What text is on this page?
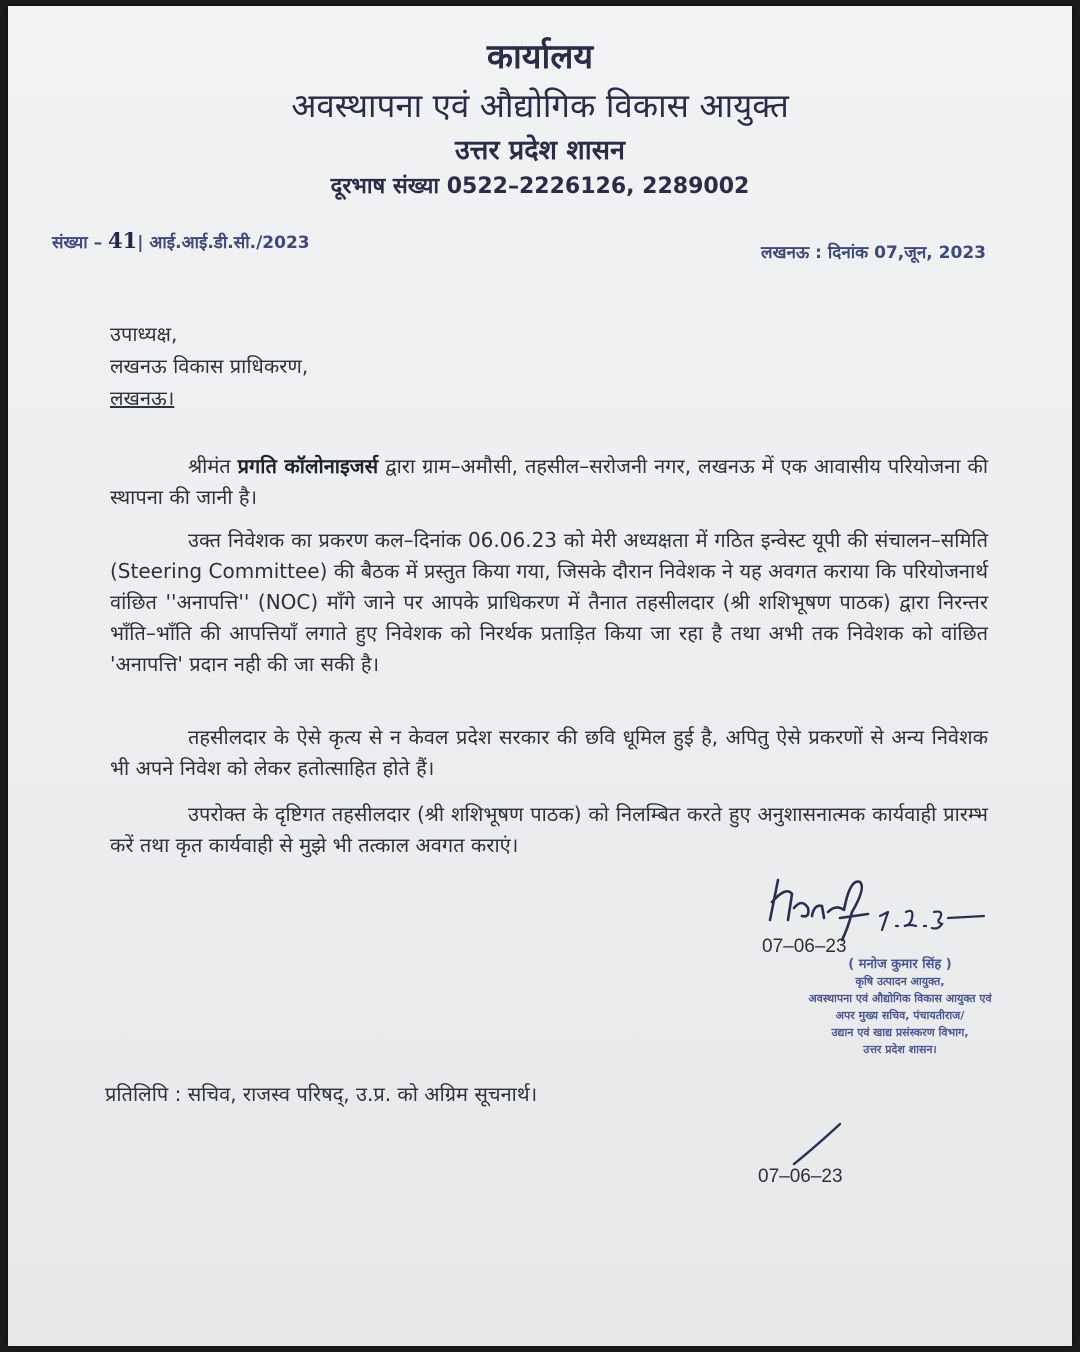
कार्यालय
अवस्थापना एवं औद्योगिक विकास आयुक्त
उत्तर प्रदेश शासन
दूरभाष संख्या 0522–2226126, 2289002
संख्या – 41| आई.आई.डी.सी./2023	लखनऊ : दिनांक 07,जून, 2023
उपाध्यक्ष,
लखनऊ विकास प्राधिकरण,
लखनऊ।
श्रीमंत प्रगति कॉलोनाइजर्स द्वारा ग्राम–अमौसी, तहसील–सरोजनी नगर, लखनऊ में एक आवासीय परियोजना की स्थापना की जानी है।
उक्त निवेशक का प्रकरण कल–दिनांक 06.06.23 को मेरी अध्यक्षता में गठित इन्वेस्ट यूपी की संचालन–समिति (Steering Committee) की बैठक में प्रस्तुत किया गया, जिसके दौरान निवेशक ने यह अवगत कराया कि परियोजनार्थ वांछित ''अनापत्ति'' (NOC) माँगे जाने पर आपके प्राधिकरण में तैनात तहसीलदार (श्री शशिभूषण पाठक) द्वारा निरन्तर भाँति–भाँति की आपत्तियाँ लगाते हुए निवेशक को निरर्थक प्रताड़ित किया जा रहा है तथा अभी तक निवेशक को वांछित 'अनापत्ति' प्रदान नही की जा सकी है।
तहसीलदार के ऐसे कृत्य से न केवल प्रदेश सरकार की छवि धूमिल हुई है, अपितु ऐसे प्रकरणों से अन्य निवेशक भी अपने निवेश को लेकर हतोत्साहित होते हैं।
उपरोक्त के दृष्टिगत तहसीलदार (श्री शशिभूषण पाठक) को निलम्बित करते हुए अनुशासनात्मक कार्यवाही प्रारम्भ करें तथा कृत कार्यवाही से मुझे भी तत्काल अवगत कराएं।
07–06–23
( मनोज कुमार सिंह )
कृषि उत्पादन आयुक्त,
अवस्थापना एवं औद्योगिक विकास आयुक्त एवं
अपर मुख्य सचिव, पंचायतीराज/
उद्यान एवं खाद्य प्रसंस्करण विभाग,
उत्तर प्रदेश शासन।
प्रतिलिपि : सचिव, राजस्व परिषद्, उ.प्र. को अग्रिम सूचनार्थ।
07–06–23
